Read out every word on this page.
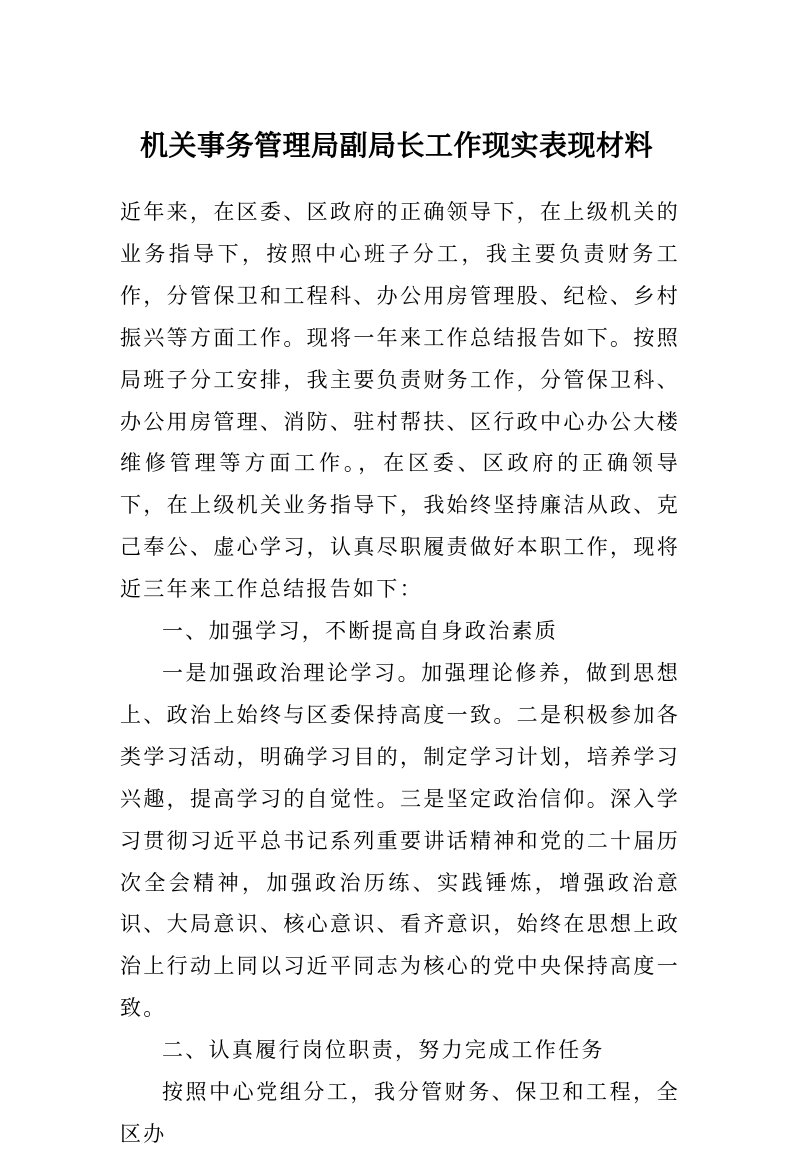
机关事务管理局副局长工作现实表现材料

近年来，在区委、区政府的正确领导下，在上级机关的业务指导下，按照中心班子分工，我主要负责财务工作，分管保卫和工程科、办公用房管理股、纪检、乡村振兴等方面工作。现将一年来工作总结报告如下。按照局班子分工安排，我主要负责财务工作，分管保卫科、办公用房管理、消防、驻村帮扶、区行政中心办公大楼维修管理等方面工作。，在区委、区政府的正确领导下，在上级机关业务指导下，我始终坚持廉洁从政、克己奉公、虚心学习，认真尽职履责做好本职工作，现将近三年来工作总结报告如下：

一、加强学习，不断提高自身政治素质

一是加强政治理论学习。加强理论修养，做到思想上、政治上始终与区委保持高度一致。二是积极参加各类学习活动，明确学习目的，制定学习计划，培养学习兴趣，提高学习的自觉性。三是坚定政治信仰。深入学习贯彻习近平总书记系列重要讲话精神和党的二十届历次全会精神，加强政治历练、实践锤炼，增强政治意识、大局意识、核心意识、看齐意识，始终在思想上政治上行动上同以习近平同志为核心的党中央保持高度一致。

二、认真履行岗位职责，努力完成工作任务

按照中心党组分工，我分管财务、保卫和工程，全区办
